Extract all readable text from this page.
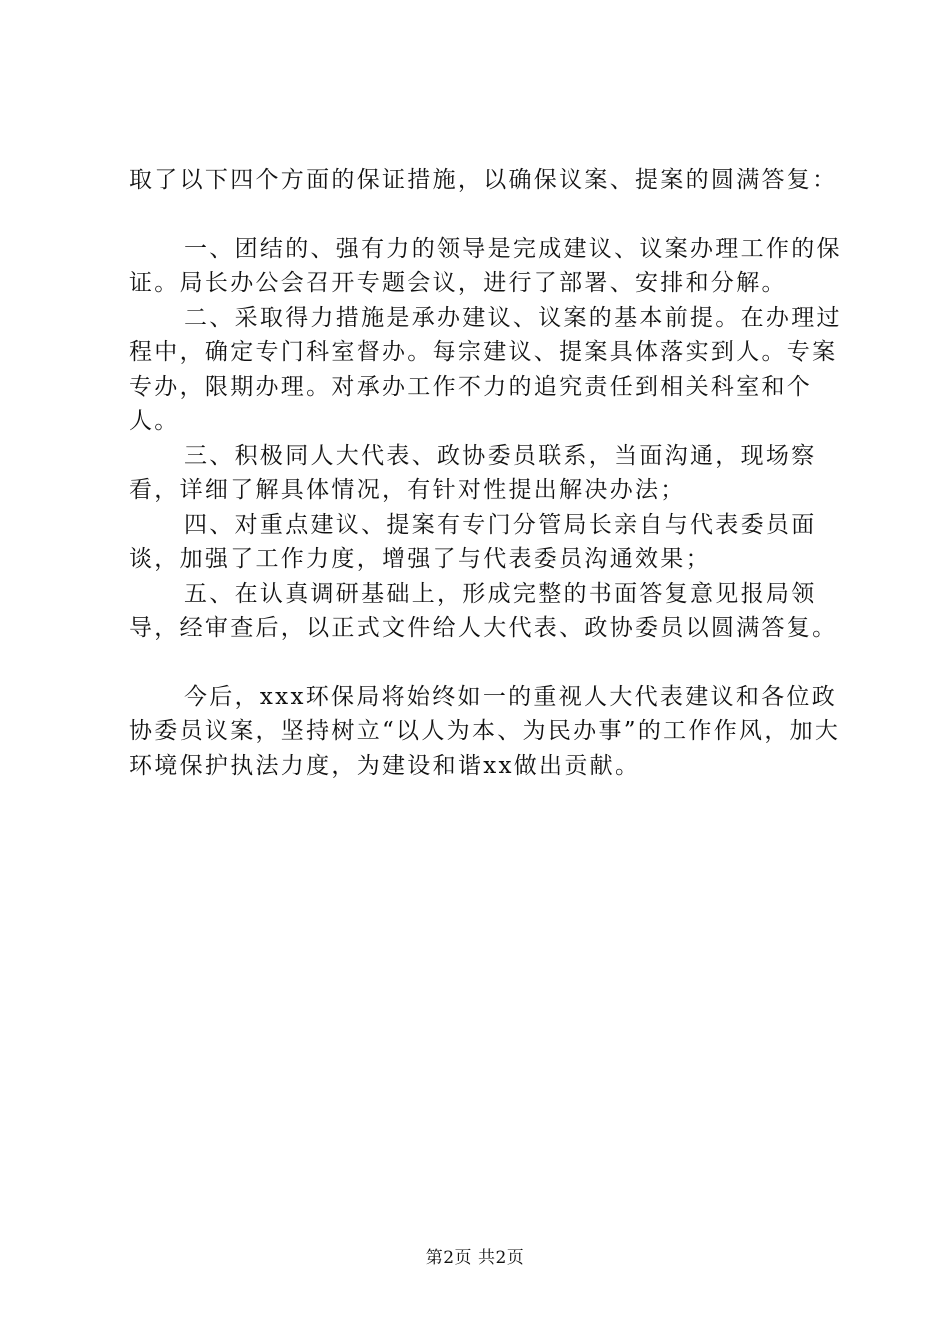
取了以下四个方面的保证措施，以确保议案、提案的圆满答复：

一、团结的、强有力的领导是完成建议、议案办理工作的保证。局长办公会召开专题会议，进行了部署、安排和分解。

二、采取得力措施是承办建议、议案的基本前提。在办理过程中，确定专门科室督办。每宗建议、提案具体落实到人。专案专办，限期办理。对承办工作不力的追究责任到相关科室和个人。

三、积极同人大代表、政协委员联系，当面沟通，现场察看，详细了解具体情况，有针对性提出解决办法；

四、对重点建议、提案有专门分管局长亲自与代表委员面谈，加强了工作力度，增强了与代表委员沟通效果；

五、在认真调研基础上，形成完整的书面答复意见报局领导，经审查后，以正式文件给人大代表、政协委员以圆满答复。

今后，xxx环保局将始终如一的重视人大代表建议和各位政协委员议案，坚持树立“以人为本、为民办事”的工作作风，加大环境保护执法力度，为建设和谐xx做出贡献。

第2页 共2页
